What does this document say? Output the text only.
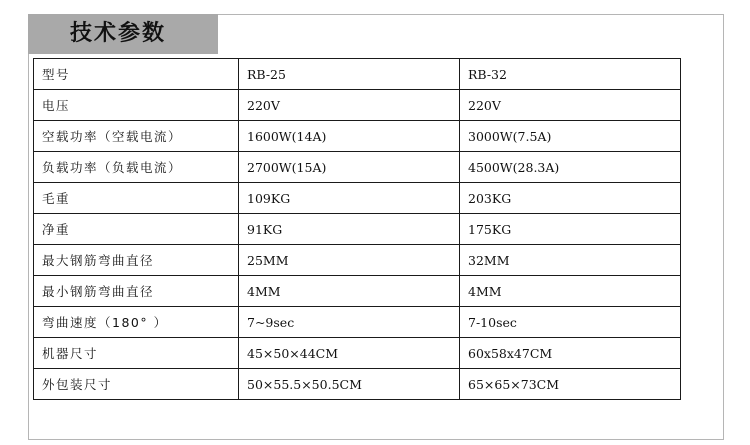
技术参数
型号	RB-25	RB-32
电压	220V	220V
空载功率（空载电流）	1600W(14A)	3000W(7.5A)
负载功率（负载电流）	2700W(15A)	4500W(28.3A)
毛重	109KG	203KG
净重	91KG	175KG
最大钢筋弯曲直径	25MM	32MM
最小钢筋弯曲直径	4MM	4MM
弯曲速度（180° ）	7~9sec	7-10sec
机器尺寸	45×50×44CM	60x58x47CM
外包装尺寸	50×55.5×50.5CM	65×65×73CM
